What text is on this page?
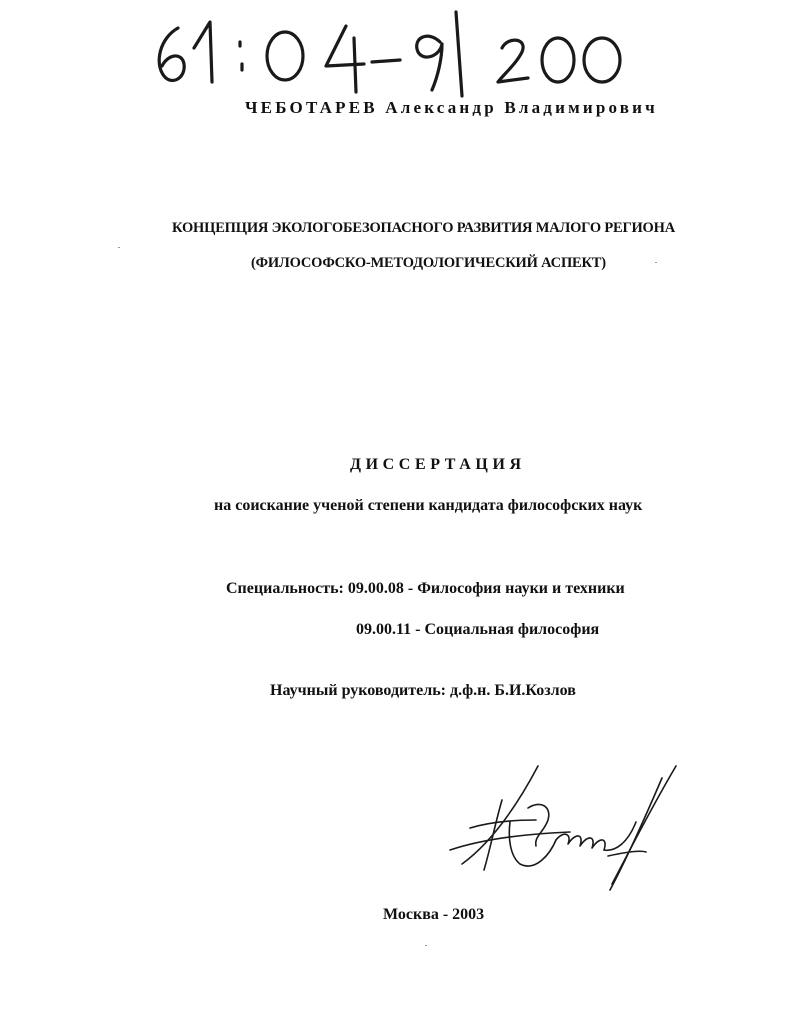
ЧЕБОТАРЕВ Александр Владимирович
КОНЦЕПЦИЯ ЭКОЛОГОБЕЗОПАСНОГО РАЗВИТИЯ МАЛОГО РЕГИОНА
(ФИЛОСОФСКО-МЕТОДОЛОГИЧЕСКИЙ АСПЕКТ)
ДИССЕРТАЦИЯ
на соискание ученой степени кандидата философских наук
Специальность: 09.00.08 - Философия науки и техники
09.00.11 - Социальная философия
Научный руководитель: д.ф.н. Б.И.Козлов
Москва - 2003
